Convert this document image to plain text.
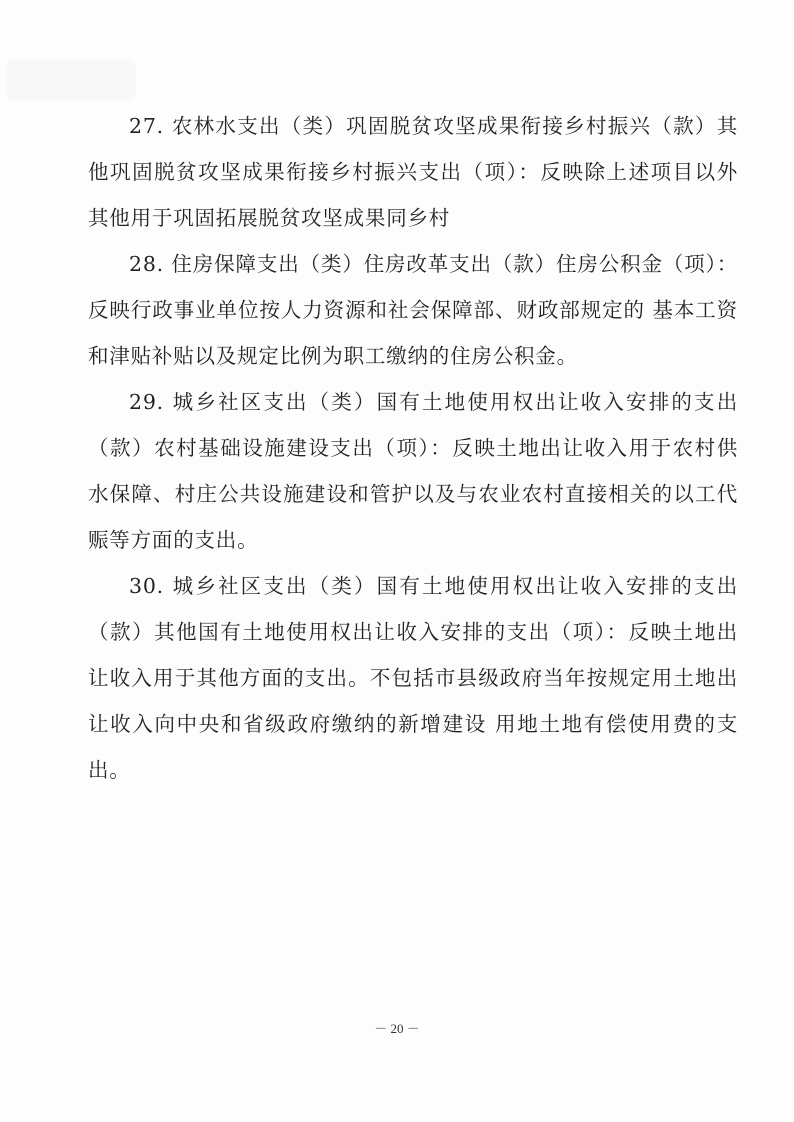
27. 农林水支出（类）巩固脱贫攻坚成果衔接乡村振兴（款）其他巩固脱贫攻坚成果衔接乡村振兴支出（项）：反映除上述项目以外其他用于巩固拓展脱贫攻坚成果同乡村

28. 住房保障支出（类）住房改革支出（款）住房公积金（项）：反映行政事业单位按人力资源和社会保障部、财政部规定的 基本工资和津贴补贴以及规定比例为职工缴纳的住房公积金。

29. 城乡社区支出（类）国有土地使用权出让收入安排的支出（款）农村基础设施建设支出（项）：反映土地出让收入用于农村供水保障、村庄公共设施建设和管护以及与农业农村直接相关的以工代赈等方面的支出。

30. 城乡社区支出（类）国有土地使用权出让收入安排的支出（款）其他国有土地使用权出让收入安排的支出（项）：反映土地出让收入用于其他方面的支出。不包括市县级政府当年按规定用土地出让收入向中央和省级政府缴纳的新增建设 用地土地有偿使用费的支出。

－ 20 －
